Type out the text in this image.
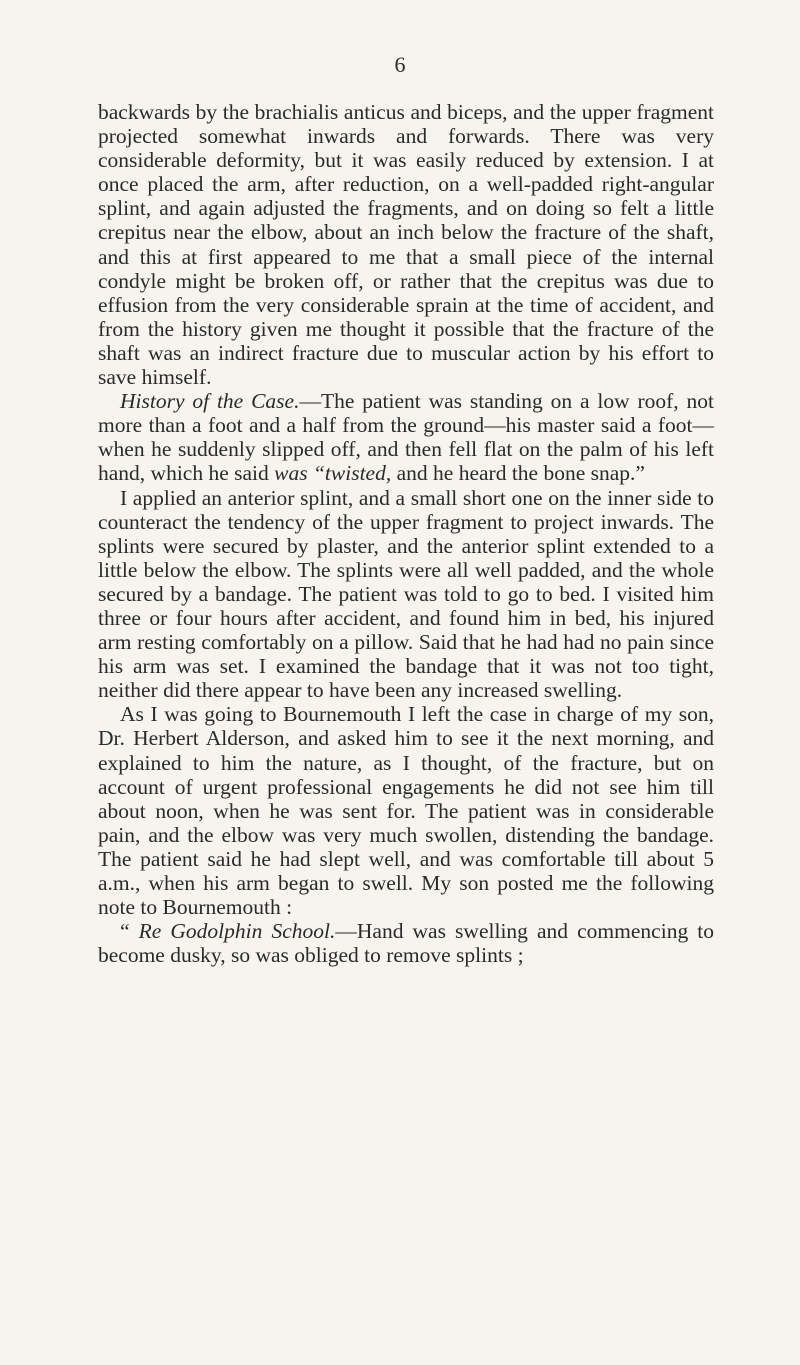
6

backwards by the brachialis anticus and biceps, and the upper fragment projected somewhat inwards and forwards. There was very considerable deformity, but it was easily reduced by extension. I at once placed the arm, after reduction, on a well-padded right-angular splint, and again adjusted the fragments, and on doing so felt a little crepitus near the elbow, about an inch below the fracture of the shaft, and this at first appeared to me that a small piece of the internal condyle might be broken off, or rather that the crepitus was due to effusion from the very considerable sprain at the time of accident, and from the history given me thought it possible that the fracture of the shaft was an indirect fracture due to muscular action by his effort to save himself.

History of the Case.—The patient was standing on a low roof, not more than a foot and a half from the ground—his master said a foot—when he suddenly slipped off, and then fell flat on the palm of his left hand, which he said was “twisted, and he heard the bone snap.”

I applied an anterior splint, and a small short one on the inner side to counteract the tendency of the upper fragment to project inwards. The splints were secured by plaster, and the anterior splint extended to a little below the elbow. The splints were all well padded, and the whole secured by a bandage. The patient was told to go to bed. I visited him three or four hours after accident, and found him in bed, his injured arm resting comfortably on a pillow. Said that he had had no pain since his arm was set. I examined the bandage that it was not too tight, neither did there appear to have been any increased swelling.

As I was going to Bournemouth I left the case in charge of my son, Dr. Herbert Alderson, and asked him to see it the next morning, and explained to him the nature, as I thought, of the fracture, but on account of urgent professional engagements he did not see him till about noon, when he was sent for. The patient was in considerable pain, and the elbow was very much swollen, distending the bandage. The patient said he had slept well, and was comfortable till about 5 a.m., when his arm began to swell. My son posted me the following note to Bournemouth :

“ Re Godolphin School.—Hand was swelling and commencing to become dusky, so was obliged to remove splints ;
